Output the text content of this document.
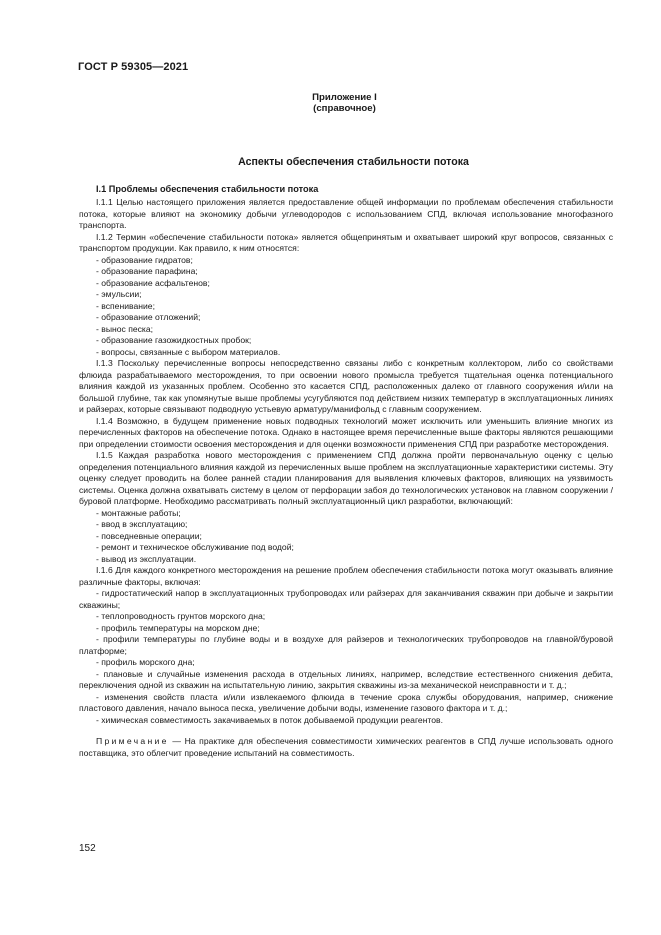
ГОСТ Р 59305—2021
Приложение I
(справочное)
Аспекты обеспечения стабильности потока
I.1 Проблемы обеспечения стабильности потока
I.1.1 Целью настоящего приложения является предоставление общей информации по проблемам обеспечения стабильности потока, которые влияют на экономику добычи углеводородов с использованием СПД, включая использование многофазного транспорта.
I.1.2 Термин «обеспечение стабильности потока» является общепринятым и охватывает широкий круг вопросов, связанных с транспортом продукции. Как правило, к ним относятся:
- образование гидратов;
- образование парафина;
- образование асфальтенов;
- эмульсии;
- вспенивание;
- образование отложений;
- вынос песка;
- образование газожидкостных пробок;
- вопросы, связанные с выбором материалов.
I.1.3 Поскольку перечисленные вопросы непосредственно связаны либо с конкретным коллектором, либо со свойствами флюида разрабатываемого месторождения, то при освоении нового промысла требуется тщательная оценка потенциального влияния каждой из указанных проблем. Особенно это касается СПД, расположенных далеко от главного сооружения и/или на большой глубине, так как упомянутые выше проблемы усугубляются под действием низких температур в эксплуатационных линиях и райзерах, которые связывают подводную устьевую арматуру/манифольд с главным сооружением.
I.1.4 Возможно, в будущем применение новых подводных технологий может исключить или уменьшить влияние многих из перечисленных факторов на обеспечение потока. Однако в настоящее время перечисленные выше факторы являются решающими при определении стоимости освоения месторождения и для оценки возможности применения СПД при разработке месторождения.
I.1.5 Каждая разработка нового месторождения с применением СПД должна пройти первоначальную оценку с целью определения потенциального влияния каждой из перечисленных выше проблем на эксплуатационные характеристики системы. Эту оценку следует проводить на более ранней стадии планирования для выявления ключевых факторов, влияющих на уязвимость системы. Оценка должна охватывать систему в целом от перфорации забоя до технологических установок на главном сооружении / буровой платформе. Необходимо рассматривать полный эксплуатационный цикл разработки, включающий:
- монтажные работы;
- ввод в эксплуатацию;
- повседневные операции;
- ремонт и техническое обслуживание под водой;
- вывод из эксплуатации.
I.1.6 Для каждого конкретного месторождения на решение проблем обеспечения стабильности потока могут оказывать влияние различные факторы, включая:
- гидростатический напор в эксплуатационных трубопроводах или райзерах для заканчивания скважин при добыче и закрытии скважины;
- теплопроводность грунтов морского дна;
- профиль температуры на морском дне;
- профили температуры по глубине воды и в воздухе для райзеров и технологических трубопроводов на главной/буровой платформе;
- профиль морского дна;
- плановые и случайные изменения расхода в отдельных линиях, например, вследствие естественного снижения дебита, переключения одной из скважин на испытательную линию, закрытия скважины из-за механической неисправности и т. д.;
- изменения свойств пласта и/или извлекаемого флюида в течение срока службы оборудования, например, снижение пластового давления, начало выноса песка, увеличение добычи воды, изменение газового фактора и т. д.;
- химическая совместимость закачиваемых в поток добываемой продукции реагентов.
Примечание — На практике для обеспечения совместимости химических реагентов в СПД лучше использовать одного поставщика, это облегчит проведение испытаний на совместимость.
152
